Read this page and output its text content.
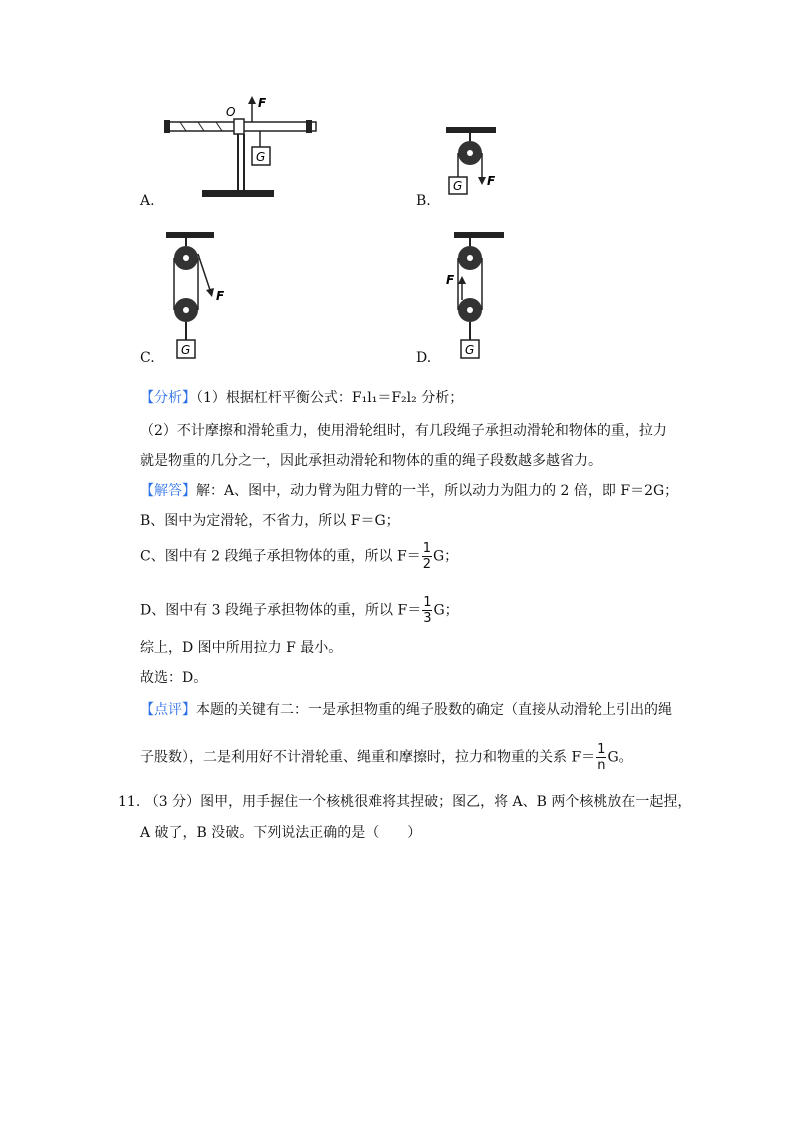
G
F
O
A.
F
G
B.
F
G
C.
F
G
D.
【分析】（1）根据杠杆平衡公式：F₁l₁＝F₂l₂ 分析；
（2）不计摩擦和滑轮重力，使用滑轮组时，有几段绳子承担动滑轮和物体的重，拉力
就是物重的几分之一，因此承担动滑轮和物体的重的绳子段数越多越省力。
【解答】解：A、图中，动力臂为阻力臂的一半，所以动力为阻力的 2 倍，即 F＝2G；
B、图中为定滑轮，不省力，所以 F＝G；
C、图中有 2 段绳子承担物体的重，所以 $F= \frac{1}{2}$ G；
D、图中有 3 段绳子承担物体的重，所以 $F= \frac{1}{3}$ G；
综上，D 图中所用拉力 F 最小。
故选：D。
【点评】本题的关键有二：一是承担物重的绳子股数的确定（直接从动滑轮上引出的绳
子股数），二是利用好不计滑轮重、绳重和摩擦时，拉力和物重的关系 $F= \frac{1}{n}$ G。
11. （3 分）图甲，用手握住一个核桃很难将其捏破；图乙，将 A、B 两个核桃放在一起捏，
A 破了，B 没破。下列说法正确的是（　　）
